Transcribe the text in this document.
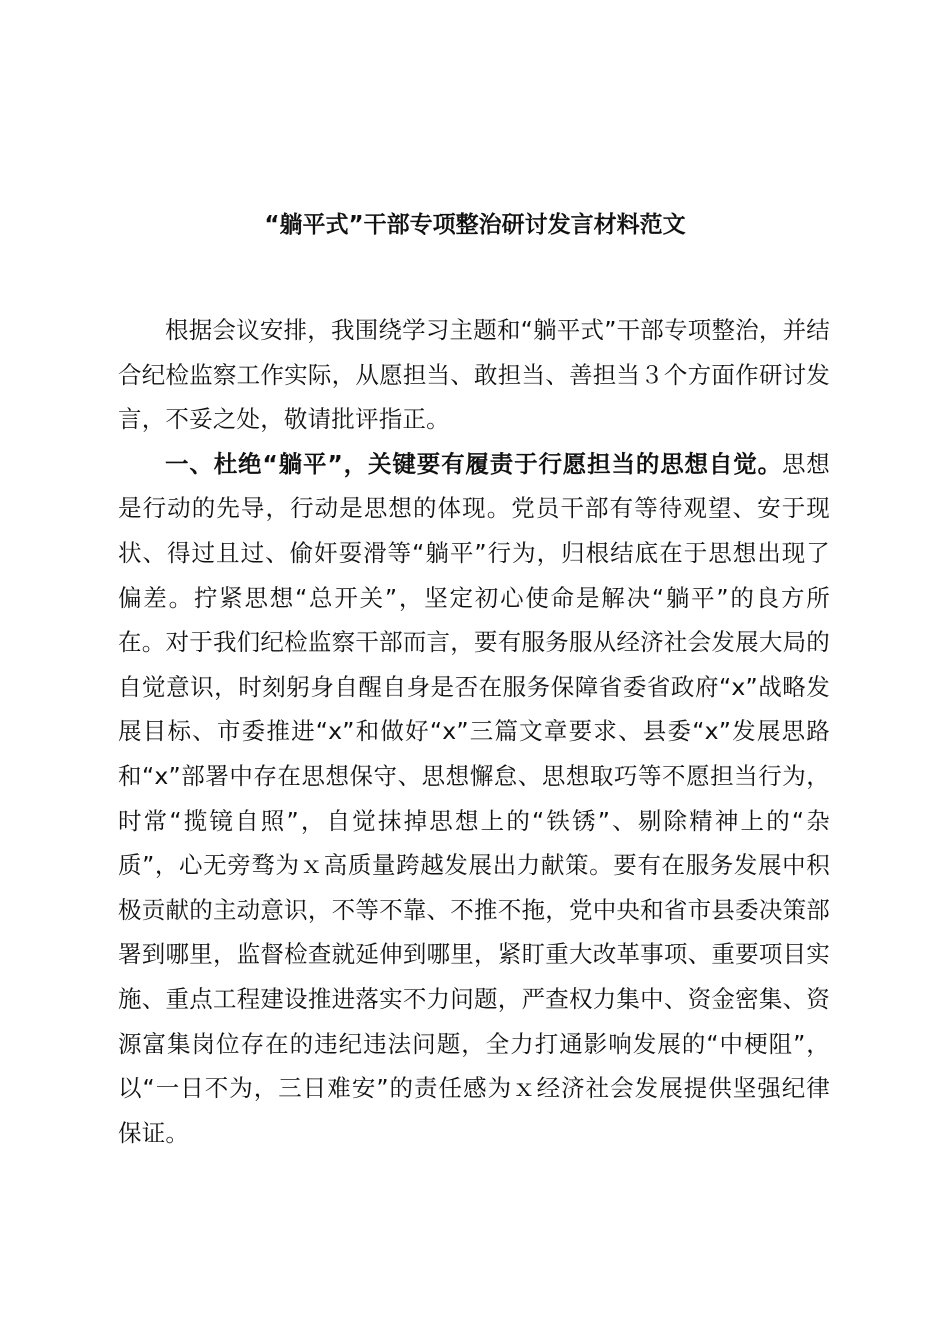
“躺平式”干部专项整治研讨发言材料范文

根据会议安排，我围绕学习主题和“躺平式”干部专项整治，并结合纪检监察工作实际，从愿担当、敢担当、善担当３个方面作研讨发言，不妥之处，敬请批评指正。

一、杜绝“躺平”，关键要有履责于行愿担当的思想自觉。思想是行动的先导，行动是思想的体现。党员干部有等待观望、安于现状、得过且过、偷奸耍滑等“躺平”行为，归根结底在于思想出现了偏差。拧紧思想“总开关”，坚定初心使命是解决“躺平”的良方所在。对于我们纪检监察干部而言，要有服务服从经济社会发展大局的自觉意识，时刻躬身自醒自身是否在服务保障省委省政府“x”战略发展目标、市委推进“x”和做好“x”三篇文章要求、县委“x”发展思路和“x”部署中存在思想保守、思想懈怠、思想取巧等不愿担当行为，时常“揽镜自照”，自觉抹掉思想上的“铁锈”、剔除精神上的“杂质”，心无旁骛为ｘ高质量跨越发展出力献策。要有在服务发展中积极贡献的主动意识，不等不靠、不推不拖，党中央和省市县委决策部署到哪里，监督检查就延伸到哪里，紧盯重大改革事项、重要项目实施、重点工程建设推进落实不力问题，严查权力集中、资金密集、资源富集岗位存在的违纪违法问题，全力打通影响发展的“中梗阻”，以“一日不为，三日难安”的责任感为ｘ经济社会发展提供坚强纪律保证。
